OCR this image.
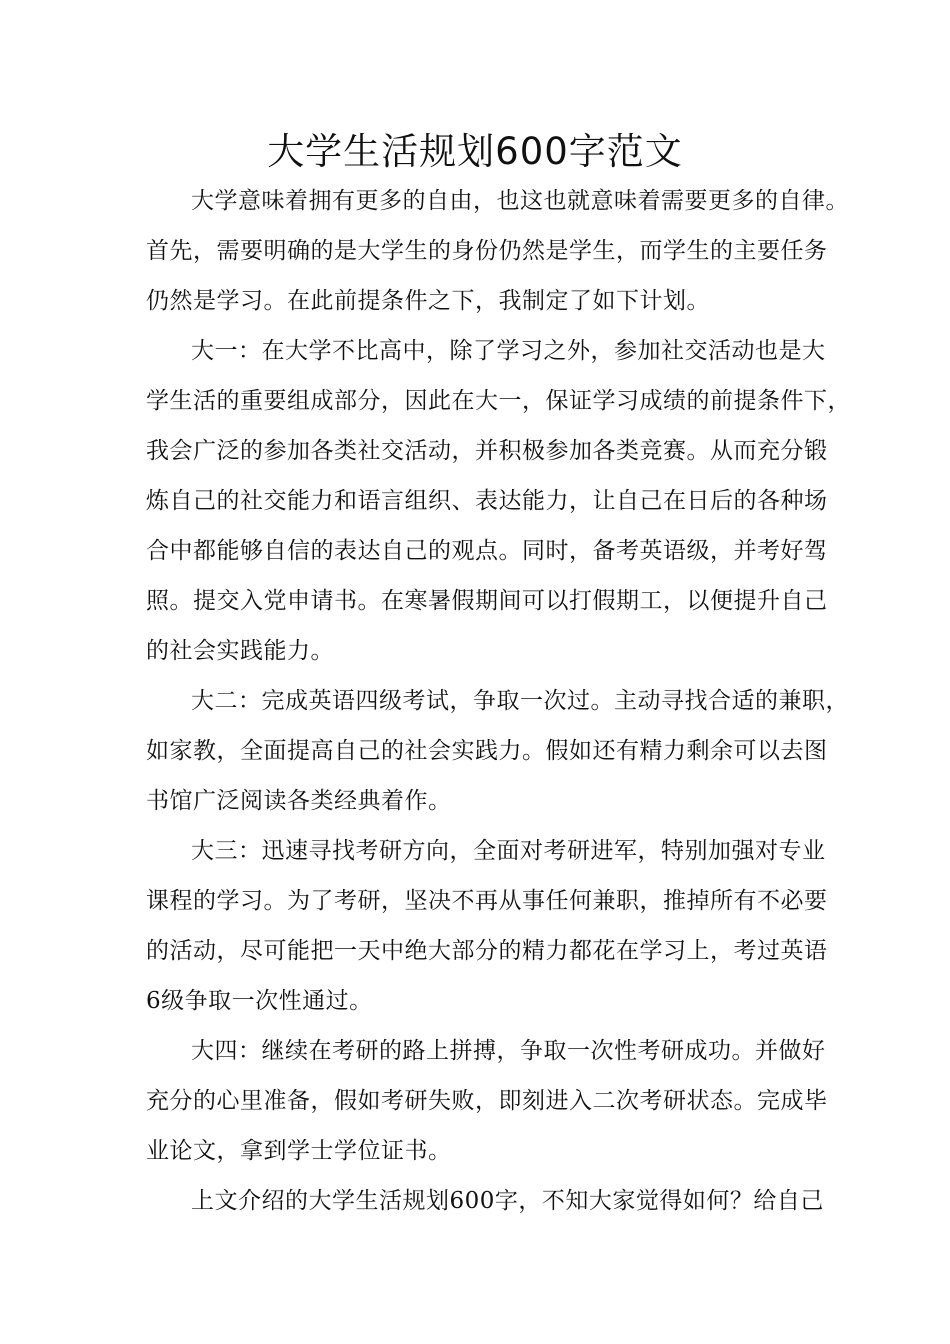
大学生活规划600字范文
大学意味着拥有更多的自由，也这也就意味着需要更多的自律。
首先，需要明确的是大学生的身份仍然是学生，而学生的主要任务
仍然是学习。在此前提条件之下，我制定了如下计划。
大一：在大学不比高中，除了学习之外，参加社交活动也是大
学生活的重要组成部分，因此在大一，保证学习成绩的前提条件下，
我会广泛的参加各类社交活动，并积极参加各类竞赛。从而充分锻
炼自己的社交能力和语言组织、表达能力，让自己在日后的各种场
合中都能够自信的表达自己的观点。同时，备考英语级，并考好驾
照。提交入党申请书。在寒暑假期间可以打假期工，以便提升自己
的社会实践能力。
大二：完成英语四级考试，争取一次过。主动寻找合适的兼职，
如家教，全面提高自己的社会实践力。假如还有精力剩余可以去图
书馆广泛阅读各类经典着作。
大三：迅速寻找考研方向，全面对考研进军，特别加强对专业
课程的学习。为了考研，坚决不再从事任何兼职，推掉所有不必要
的活动，尽可能把一天中绝大部分的精力都花在学习上，考过英语
6级争取一次性通过。
大四：继续在考研的路上拼搏，争取一次性考研成功。并做好
充分的心里准备，假如考研失败，即刻进入二次考研状态。完成毕
业论文，拿到学士学位证书。
上文介绍的大学生活规划600字，不知大家觉得如何？给自己
